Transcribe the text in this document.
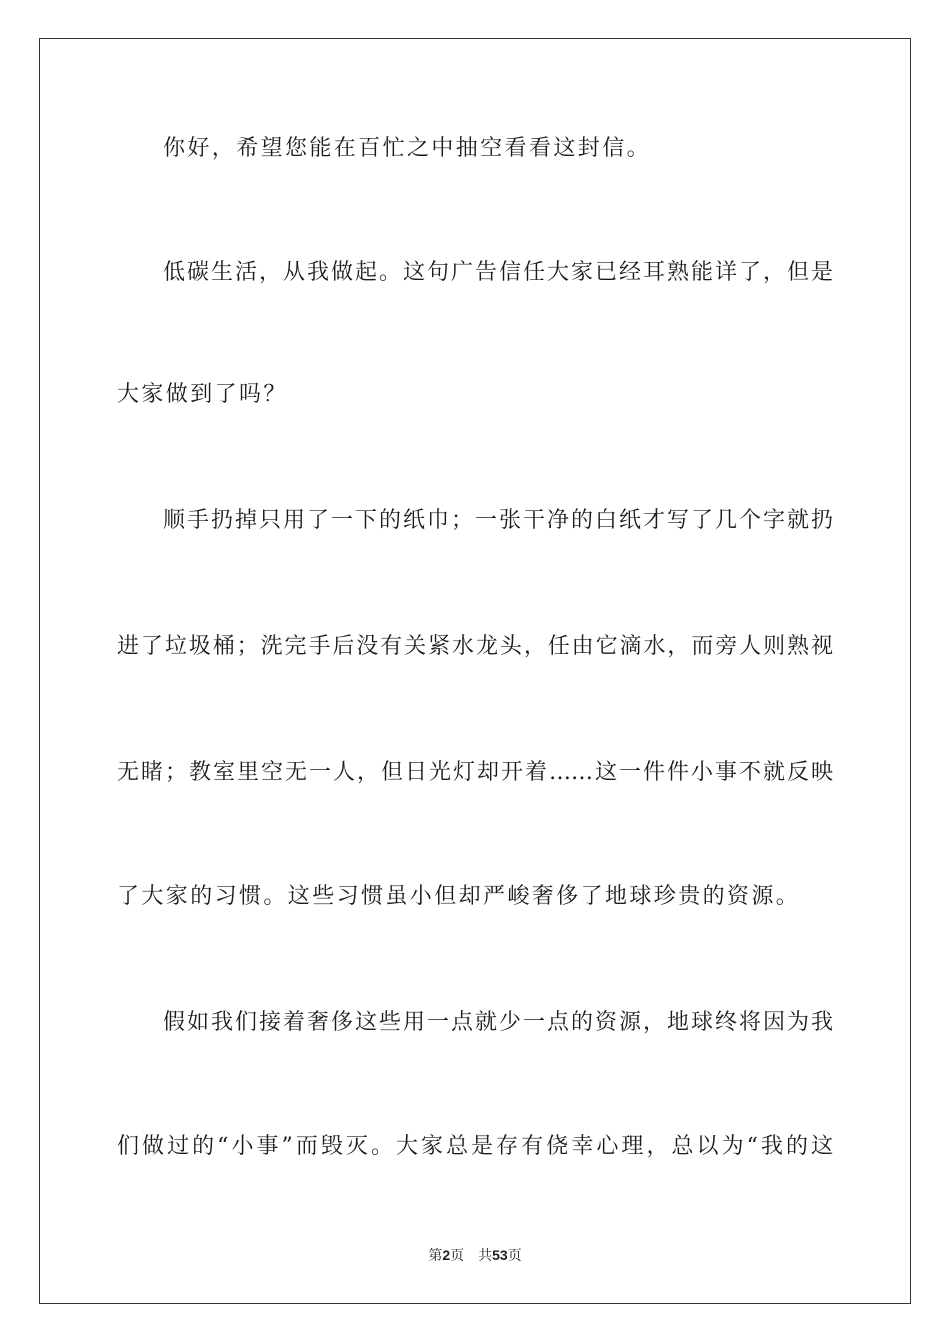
你好，希望您能在百忙之中抽空看看这封信。
低碳生活，从我做起。这句广告信任大家已经耳熟能详了，但是
大家做到了吗？
顺手扔掉只用了一下的纸巾；一张干净的白纸才写了几个字就扔
进了垃圾桶；洗完手后没有关紧水龙头，任由它滴水，而旁人则熟视
无睹；教室里空无一人，但日光灯却开着……这一件件小事不就反映
了大家的习惯。这些习惯虽小但却严峻奢侈了地球珍贵的资源。
假如我们接着奢侈这些用一点就少一点的资源，地球终将因为我
们做过的“小事”而毁灭。大家总是存有侥幸心理，总以为“我的这
第2页 共53页
